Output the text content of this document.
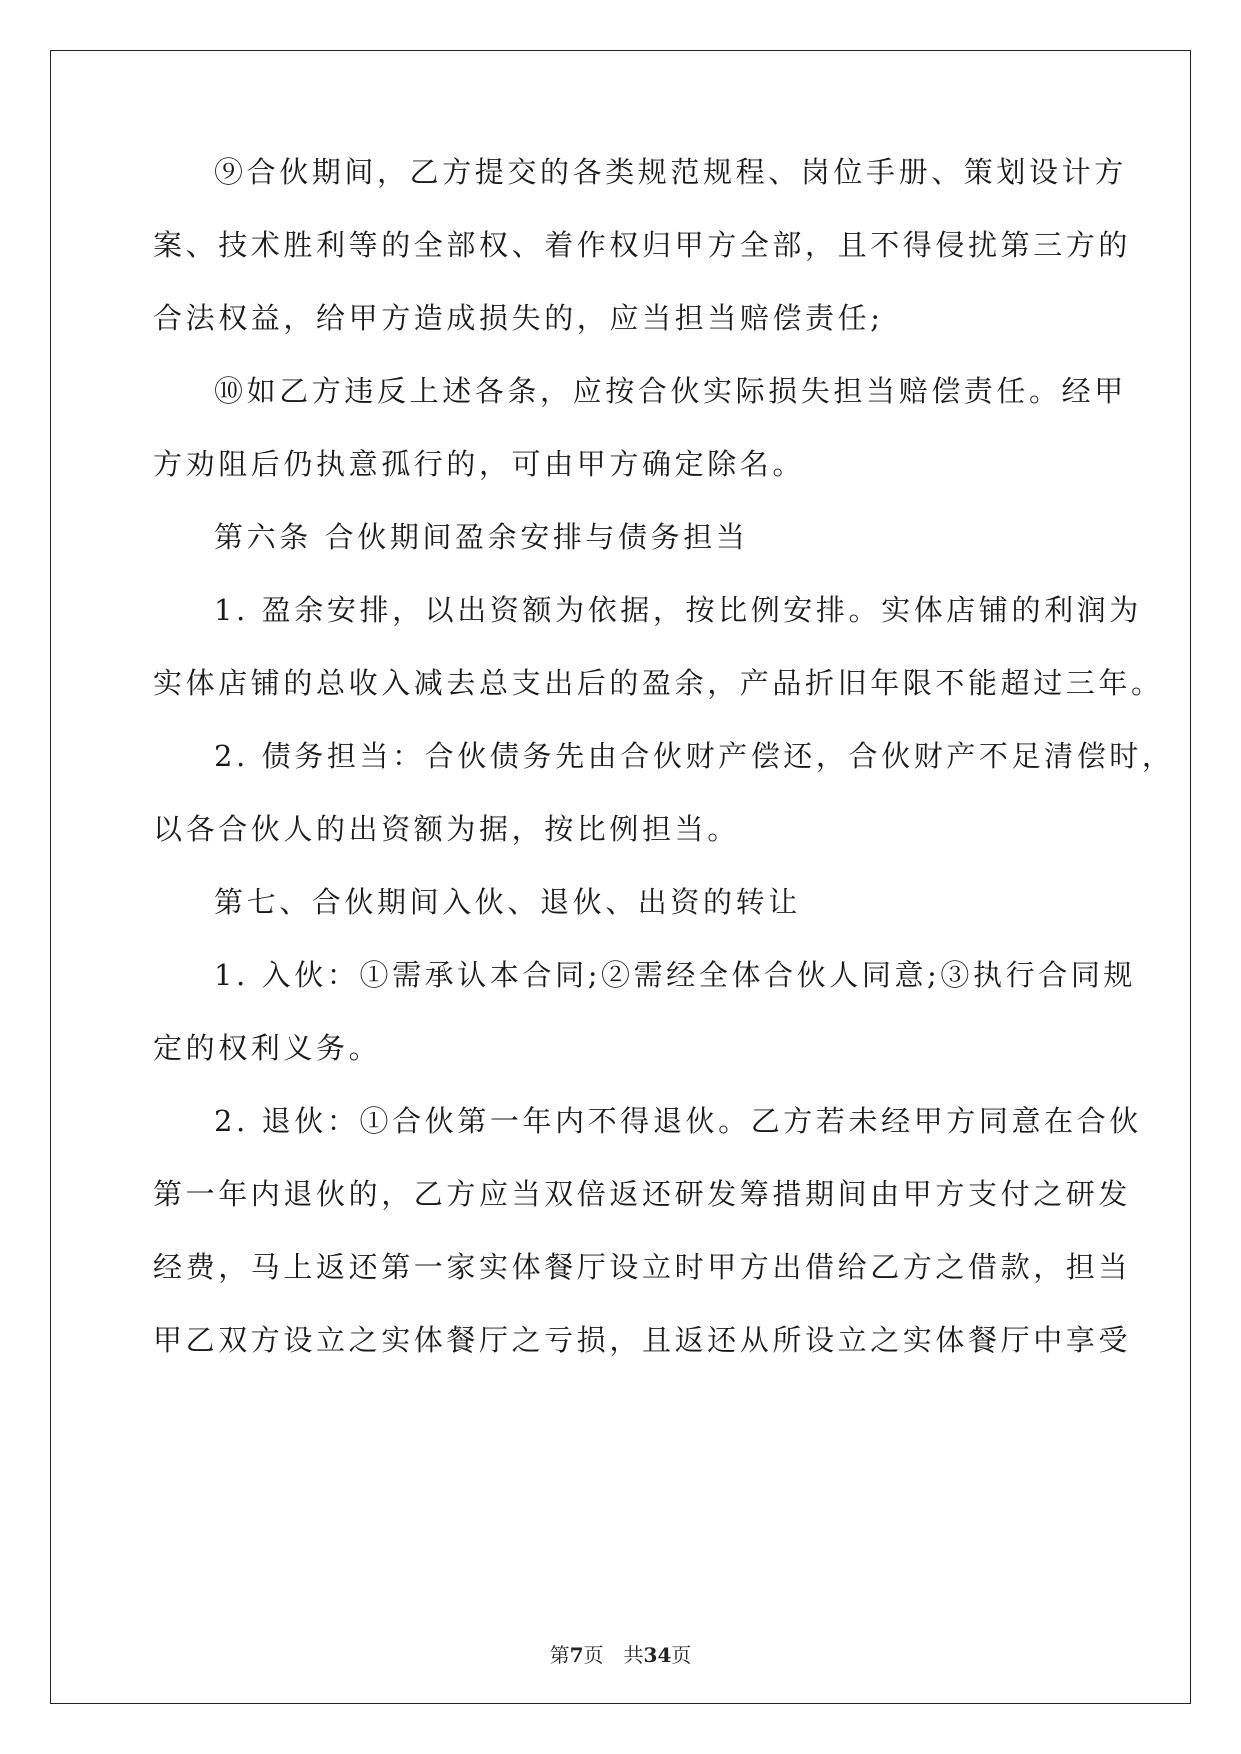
⑨合伙期间，乙方提交的各类规范规程、岗位手册、策划设计方
案、技术胜利等的全部权、着作权归甲方全部，且不得侵扰第三方的
合法权益，给甲方造成损失的，应当担当赔偿责任;
⑩如乙方违反上述各条，应按合伙实际损失担当赔偿责任。经甲
方劝阻后仍执意孤行的，可由甲方确定除名。
第六条 合伙期间盈余安排与债务担当
1. 盈余安排，以出资额为依据，按比例安排。实体店铺的利润为
实体店铺的总收入减去总支出后的盈余，产品折旧年限不能超过三年。
2. 债务担当：合伙债务先由合伙财产偿还，合伙财产不足清偿时，
以各合伙人的出资额为据，按比例担当。
第七、合伙期间入伙、退伙、出资的转让
1. 入伙：①需承认本合同;②需经全体合伙人同意;③执行合同规
定的权利义务。
2. 退伙：①合伙第一年内不得退伙。乙方若未经甲方同意在合伙
第一年内退伙的，乙方应当双倍返还研发筹措期间由甲方支付之研发
经费，马上返还第一家实体餐厅设立时甲方出借给乙方之借款，担当
甲乙双方设立之实体餐厅之亏损，且返还从所设立之实体餐厅中享受
第7页　共34页
